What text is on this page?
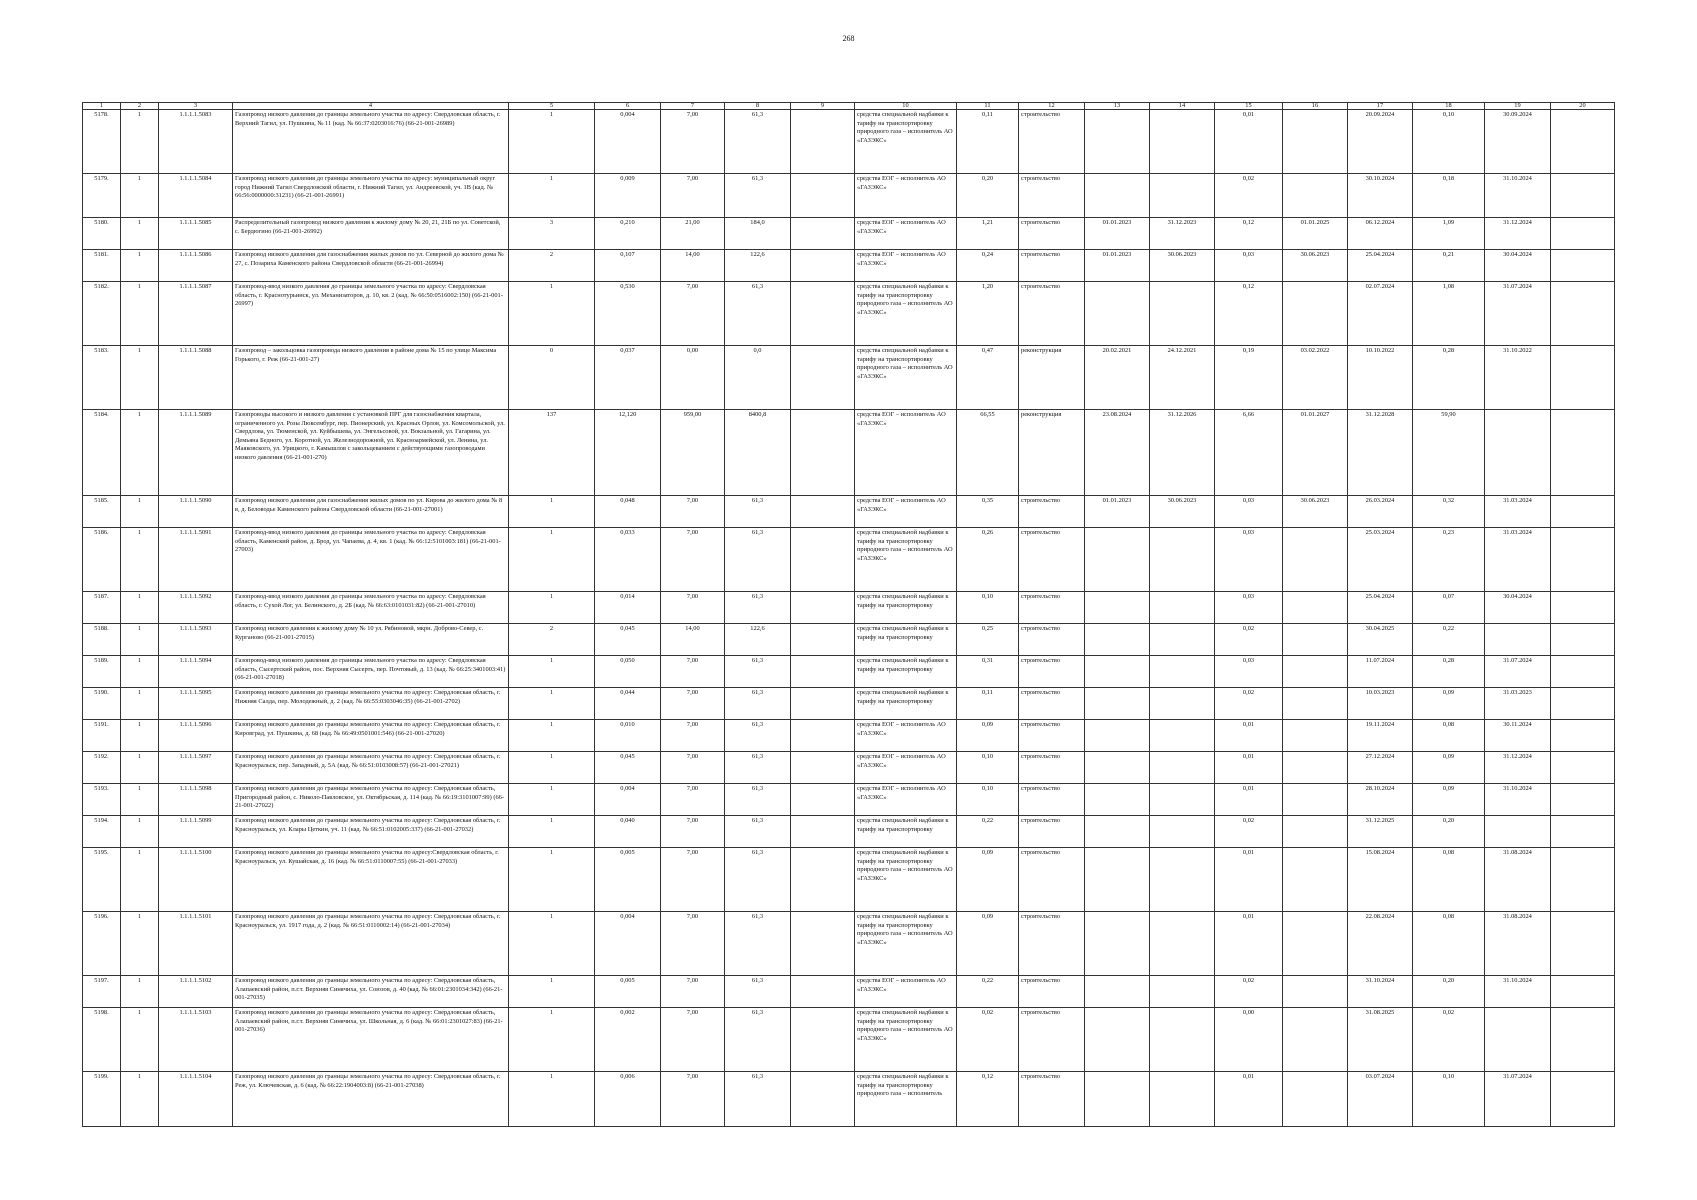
268
1	2	3	4	5	6	7	8	9	10	11	12	13	14	15	16	17	18	19	20
5178.	1	1.1.1.1.5083	Газопровод низкого давления до границы земельного участка по адресу: Свердловская область, г. Верхний Тагил, ул. Пушкина, № 11 (кад. № 66:37:0203016:76) (66-21-001-26989)	1	0,004	7,00	61,3		средства специальной надбавки к тарифу на транспортировку природного газа – исполнитель АО «ГАЗЭКС»	0,11	строительство			0,01		20.09.2024	0,10	30.09.2024	
5179.	1	1.1.1.1.5084	Газопровод низкого давления до границы земельного участка по адресу: муниципальный округ город Нижний Тагил Свердловской области, г. Нижний Тагил, ул. Андреевской, уч. 1В (кад. № 66:56:0000000:31231) (66-21-001-26991)	1	0,009	7,00	61,3		средства ЕОГ – исполнитель АО «ГАЗЭКС»	0,20	строительство			0,02		30.10.2024	0,18	31.10.2024	
5180.	1	1.1.1.1.5085	Распределительный газопровод низкого давления к жилому дому № 20, 21, 21Б по ул. Советской, с. Бердюгино (66-21-001-26992)	3	0,210	21,00	184,0		средства ЕОГ – исполнитель АО «ГАЗЭКС»	1,21	строительство	01.01.2023	31.12.2023	0,12	01.01.2025	06.12.2024	1,09	31.12.2024	
5181.	1	1.1.1.1.5086	Газопровод низкого давления для газоснабжения жилых домов по ул. Северной до жилого дома № 27, с. Позариха Каменского района Свердловской области (66-21-001-26994)	2	0,107	14,00	122,6		средства ЕОГ – исполнитель АО «ГАЗЭКС»	0,24	строительство	01.01.2023	30.06.2023	0,03	30.06.2023	25.04.2024	0,21	30.04.2024	
5182.	1	1.1.1.1.5087	Газопровод-ввод низкого давления до границы земельного участка по адресу: Свердловская область, г. Краснотурьинск, ул. Механизаторов, д. 10, кв. 2 (кад. № 66:50:0516002:150) (66-21-001-26997)	1	0,530	7,00	61,3		средства специальной надбавки к тарифу на транспортировку природного газа – исполнитель АО «ГАЗЭКС»	1,20	строительство			0,12		02.07.2024	1,08	31.07.2024	
5183.	1	1.1.1.1.5088	Газопровод – закольцовка газопровода низкого давления в районе дома № 15 по улице Максима Горького, г. Реж (66-21-001-27)	0	0,037	0,00	0,0		средства специальной надбавки к тарифу на транспортировку природного газа – исполнитель АО «ГАЗЭКС»	0,47	реконструкция	20.02.2021	24.12.2021	0,19	03.02.2022	10.10.2022	0,28	31.10.2022	
5184.	1	1.1.1.1.5089	Газопроводы высокого и низкого давления с установкой ПРГ для газоснабжения квартала, ограниченного ул. Розы Люксембург, пер. Пионерский, ул. Красных Орлов, ул. Комсомольской, ул. Свердлова, ул. Тюменской, ул. Куйбышева, ул. Энгельсовой, ул. Вокзальной, ул. Гагарина, ул. Демьяна Бедного, ул. Коротной, ул. Железнодорожной, ул. Красноармейской, ул. Ленина, ул. Маяковского, ул. Урицкого, г. Камышлов с закольцеванием с действующими газопроводами низкого давления (66-21-001-270)	137	12,120	959,00	8400,8		средства ЕОГ – исполнитель АО «ГАЗЭКС»	66,55	реконструкция	23.08.2024	31.12.2026	6,66	01.01.2027	31.12.2028	59,90		
5185.	1	1.1.1.1.5090	Газопровод низкого давления для газоснабжения жилых домов по ул. Кирова до жилого дома № 8 в, д. Беловодье Каменского района Свердловской области (66-21-001-27001)	1	0,048	7,00	61,3		средства ЕОГ – исполнитель АО «ГАЗЭКС»	0,35	строительство	01.01.2023	30.06.2023	0,03	30.06.2023	26.03.2024	0,32	31.03.2024	
5186.	1	1.1.1.1.5091	Газопровод-ввод низкого давления до границы земельного участка по адресу: Свердловская область, Каменский район, д. Брод, ул. Чапаева, д. 4, кв. 1 (кад. № 66:12:5101003:181) (66-21-001-27003)	1	0,033	7,00	61,3		средства специальной надбавки к тарифу на транспортировку природного газа – исполнитель АО «ГАЗЭКС»	0,26	строительство			0,03		25.03.2024	0,23	31.03.2024	
5187.	1	1.1.1.1.5092	Газопровод-ввод низкого давления до границы земельного участка по адресу: Свердловская область, г. Сухой Лог, ул. Белинского, д. 2Б (кад. № 66:63:0101031:82) (66-21-001-27010)	1	0,014	7,00	61,3		средства специальной надбавки к тарифу на транспортировку	0,10	строительство			0,03		25.04.2024	0,07	30.04.2024	
5188.	1	1.1.1.1.5093	Газопровод низкого давления к жилому дому № 10 ул. Рябиновой, мкрн. Доброво-Север, с. Курганово (66-21-001-27015)	2	0,045	14,00	122,6		средства специальной надбавки к тарифу на транспортировку	0,25	строительство			0,02		30.04.2025	0,22		
5189.	1	1.1.1.1.5094	Газопровод-ввод низкого давления до границы земельного участка по адресу: Свердловская область, Сысертский район, пос. Верхняя Сысерть, пер. Почтовый, д. 13 (кад. № 66:25:3401003:41) (66-21-001-27018)	1	0,050	7,00	61,3		средства специальной надбавки к тарифу на транспортировку	0,31	строительство			0,03		11.07.2024	0,28	31.07.2024	
5190.	1	1.1.1.1.5095	Газопровод низкого давления до границы земельного участка по адресу: Свердловская область, г. Нижняя Салда, пер. Молодежный, д. 2 (кад. № 66:55:0303046:35) (66-21-001-2702)	1	0,044	7,00	61,3		средства специальной надбавки к тарифу на транспортировку	0,11	строительство			0,02		10.03.2023	0,09	31.03.2023	
5191.	1	1.1.1.1.5096	Газопровод низкого давления до границы земельного участка по адресу: Свердловская область, г. Кировград, ул. Пушкина, д. 68 (кад. № 66:49:0501001:546) (66-21-001-27020)	1	0,010	7,00	61,3		средства ЕОГ – исполнитель АО «ГАЗЭКС»	0,09	строительство			0,01		19.11.2024	0,08	30.11.2024	
5192.	1	1.1.1.1.5097	Газопровод низкого давления до границы земельного участка по адресу: Свердловская область, г. Красноуральск, пер. Западный, д. 5А (кад. № 66:51:0103008:57) (66-21-001-27021)	1	0,045	7,00	61,3		средства ЕОГ – исполнитель АО «ГАЗЭКС»	0,10	строительство			0,01		27.12.2024	0,09	31.12.2024	
5193.	1	1.1.1.1.5098	Газопровод низкого давления до границы земельного участка по адресу: Свердловская область, Пригородный район, с. Николо-Павловское, ул. Октябрьская, д. 114 (кад. № 66:19:3101007:99) (66-21-001-27022)	1	0,004	7,00	61,3		средства ЕОГ – исполнитель АО «ГАЗЭКС»	0,10	строительство			0,01		28.10.2024	0,09	31.10.2024	
5194.	1	1.1.1.1.5099	Газопровод низкого давления до границы земельного участка по адресу: Свердловская область, г. Красноуральск, ул. Клары Цеткин, уч. 11 (кад. № 66:51:0102005:337) (66-21-001-27032)	1	0,040	7,00	61,3		средства специальной надбавки к тарифу на транспортировку	0,22	строительство			0,02		31.12.2025	0,20		
5195.	1	1.1.1.1.5100	Газопровод низкого давления до границы земельного участка по адресу:Свердловская область, г. Красноуральск, ул. Кушайская, д. 16 (кад. № 66:51:0110007:55) (66-21-001-27033)	1	0,005	7,00	61,3		средства специальной надбавки к тарифу на транспортировку природного газа – исполнитель АО «ГАЗЭКС»	0,09	строительство			0,01		15.08.2024	0,08	31.08.2024	
5196.	1	1.1.1.1.5101	Газопровод низкого давления до границы земельного участка по адресу: Свердловская область, г. Красноуральск, ул. 1917 года, д. 2 (кад. № 66:51:0110002:14) (66-21-001-27034)	1	0,004	7,00	61,3		средства специальной надбавки к тарифу на транспортировку природного газа – исполнитель АО «ГАЗЭКС»	0,09	строительство			0,01		22.08.2024	0,08	31.08.2024	
5197.	1	1.1.1.1.5102	Газопровод низкого давления до границы земельного участка по адресу: Свердловская область, Алапаевский район, п.г.т. Верхняя Синячиха, ул. Союзов, д. 40 (кад. № 66:01:2301034:342) (66-21-001-27035)	1	0,005	7,00	61,3		средства ЕОГ – исполнитель АО «ГАЗЭКС»	0,22	строительство			0,02		31.10.2024	0,20	31.10.2024	
5198.	1	1.1.1.1.5103	Газопровод низкого давления до границы земельного участка по адресу: Свердловская область, Алапаевский район, п.г.т. Верхняя Синячиха, ул. Школьная, д. 6 (кад. № 66:01:2301027:83) (66-21-001-27036)	1	0,002	7,00	61,3		средства специальной надбавки к тарифу на транспортировку природного газа – исполнитель АО «ГАЗЭКС»	0,02	строительство			0,00		31.08.2025	0,02		
5199.	1	1.1.1.1.5104	Газопровод низкого давления до границы земельного участка по адресу: Свердловская область, г. Реж, ул. Ключевская, д. 6 (кад. № 66:22:1904003:8) (66-21-001-27038)	1	0,006	7,00	61,3		средства специальной надбавки к тарифу на транспортировку природного газа – исполнитель	0,12	строительство			0,01		03.07.2024	0,10	31.07.2024	
